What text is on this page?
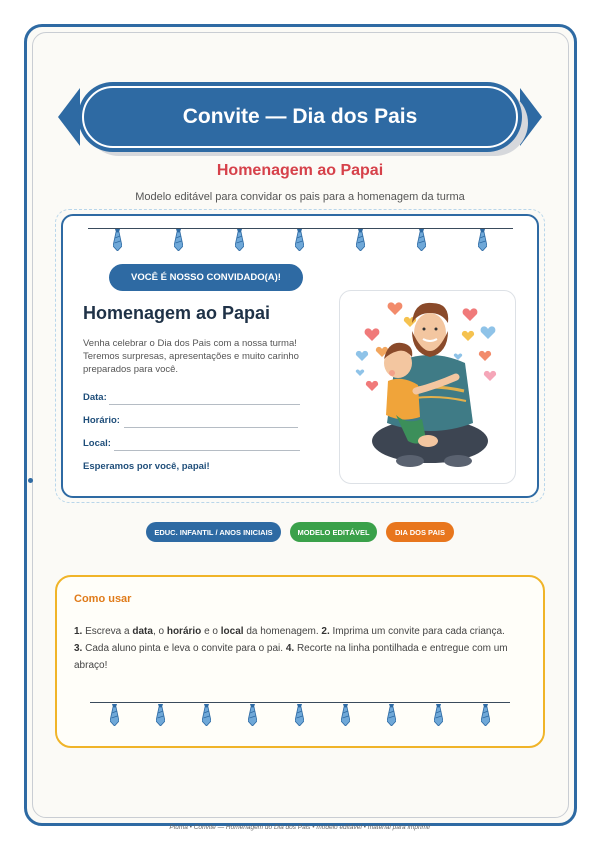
Convite — Dia dos Pais
Homenagem ao Papai
Modelo editável para convidar os pais para a homenagem da turma
VOCÊ É NOSSO CONVIDADO(A)!
Homenagem ao Papai
Venha celebrar o Dia dos Pais com a nossa turma! Teremos surpresas, apresentações e muito carinho preparados para você.
Data:
Horário:
Local:
Esperamos por você, papai!
EDUC. INFANTIL / ANOS INICIAIS	MODELO EDITÁVEL	DIA DOS PAIS
Como usar
1. Escreva a data, o horário e o local da homenagem. 2. Imprima um convite para cada criança.
3. Cada aluno pinta e leva o convite para o pai. 4. Recorte na linha pontilhada e entregue com um abraço!
Pluma • Convite — Homenagem do Dia dos Pais • modelo editável • material para imprimir
